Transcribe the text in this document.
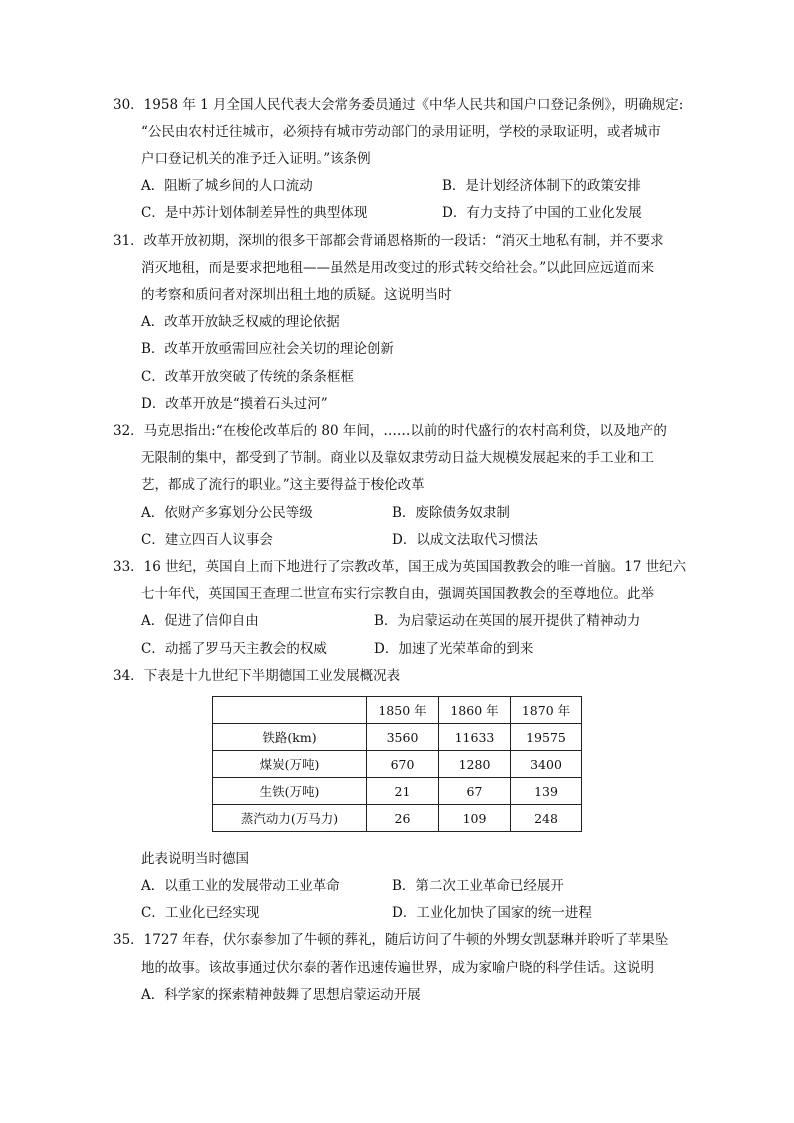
30．1958 年 1 月全国人民代表大会常务委员通过《中华人民共和国户口登记条例》，明确规定:
“公民由农村迁往城市，必须持有城市劳动部门的录用证明，学校的录取证明，或者城市
户口登记机关的准予迁入证明。”该条例
A．阻断了城乡间的人口流动	B．是计划经济体制下的政策安排
C．是中苏计划体制差异性的典型体现	D．有力支持了中国的工业化发展
31．改革开放初期，深圳的很多干部都会背诵恩格斯的一段话：“消灭土地私有制，并不要求
消灭地租，而是要求把地租——虽然是用改变过的形式转交给社会。”以此回应远道而来
的考察和质问者对深圳出租土地的质疑。这说明当时
A．改革开放缺乏权威的理论依据
B．改革开放亟需回应社会关切的理论创新
C．改革开放突破了传统的条条框框
D．改革开放是“摸着石头过河”
32．马克思指出:“在梭伦改革后的 80 年间，……以前的时代盛行的农村高利贷，以及地产的
无限制的集中，都受到了节制。商业以及靠奴隶劳动日益大规模发展起来的手工业和工
艺，都成了流行的职业。”这主要得益于梭伦改革
A．依财产多寡划分公民等级	B．废除债务奴隶制
C．建立四百人议事会	D．以成文法取代习惯法
33．16 世纪，英国自上而下地进行了宗教改革，国王成为英国国教教会的唯一首脑。17 世纪六
七十年代，英国国王查理二世宣布实行宗教自由，强调英国国教教会的至尊地位。此举
A．促进了信仰自由	B．为启蒙运动在英国的展开提供了精神动力
C．动摇了罗马天主教会的权威	D．加速了光荣革命的到来
34．下表是十九世纪下半期德国工业发展概况表
	1850 年	1860 年	1870 年
铁路(km)	3560	11633	19575
煤炭(万吨)	670	1280	3400
生铁(万吨)	21	67	139
蒸汽动力(万马力)	26	109	248
此表说明当时德国
A．以重工业的发展带动工业革命	B．第二次工业革命已经展开
C．工业化已经实现	D．工业化加快了国家的统一进程
35．1727 年春，伏尔泰参加了牛顿的葬礼，随后访问了牛顿的外甥女凯瑟琳并聆听了苹果坠
地的故事。该故事通过伏尔泰的著作迅速传遍世界，成为家喻户晓的科学佳话。这说明
A．科学家的探索精神鼓舞了思想启蒙运动开展
